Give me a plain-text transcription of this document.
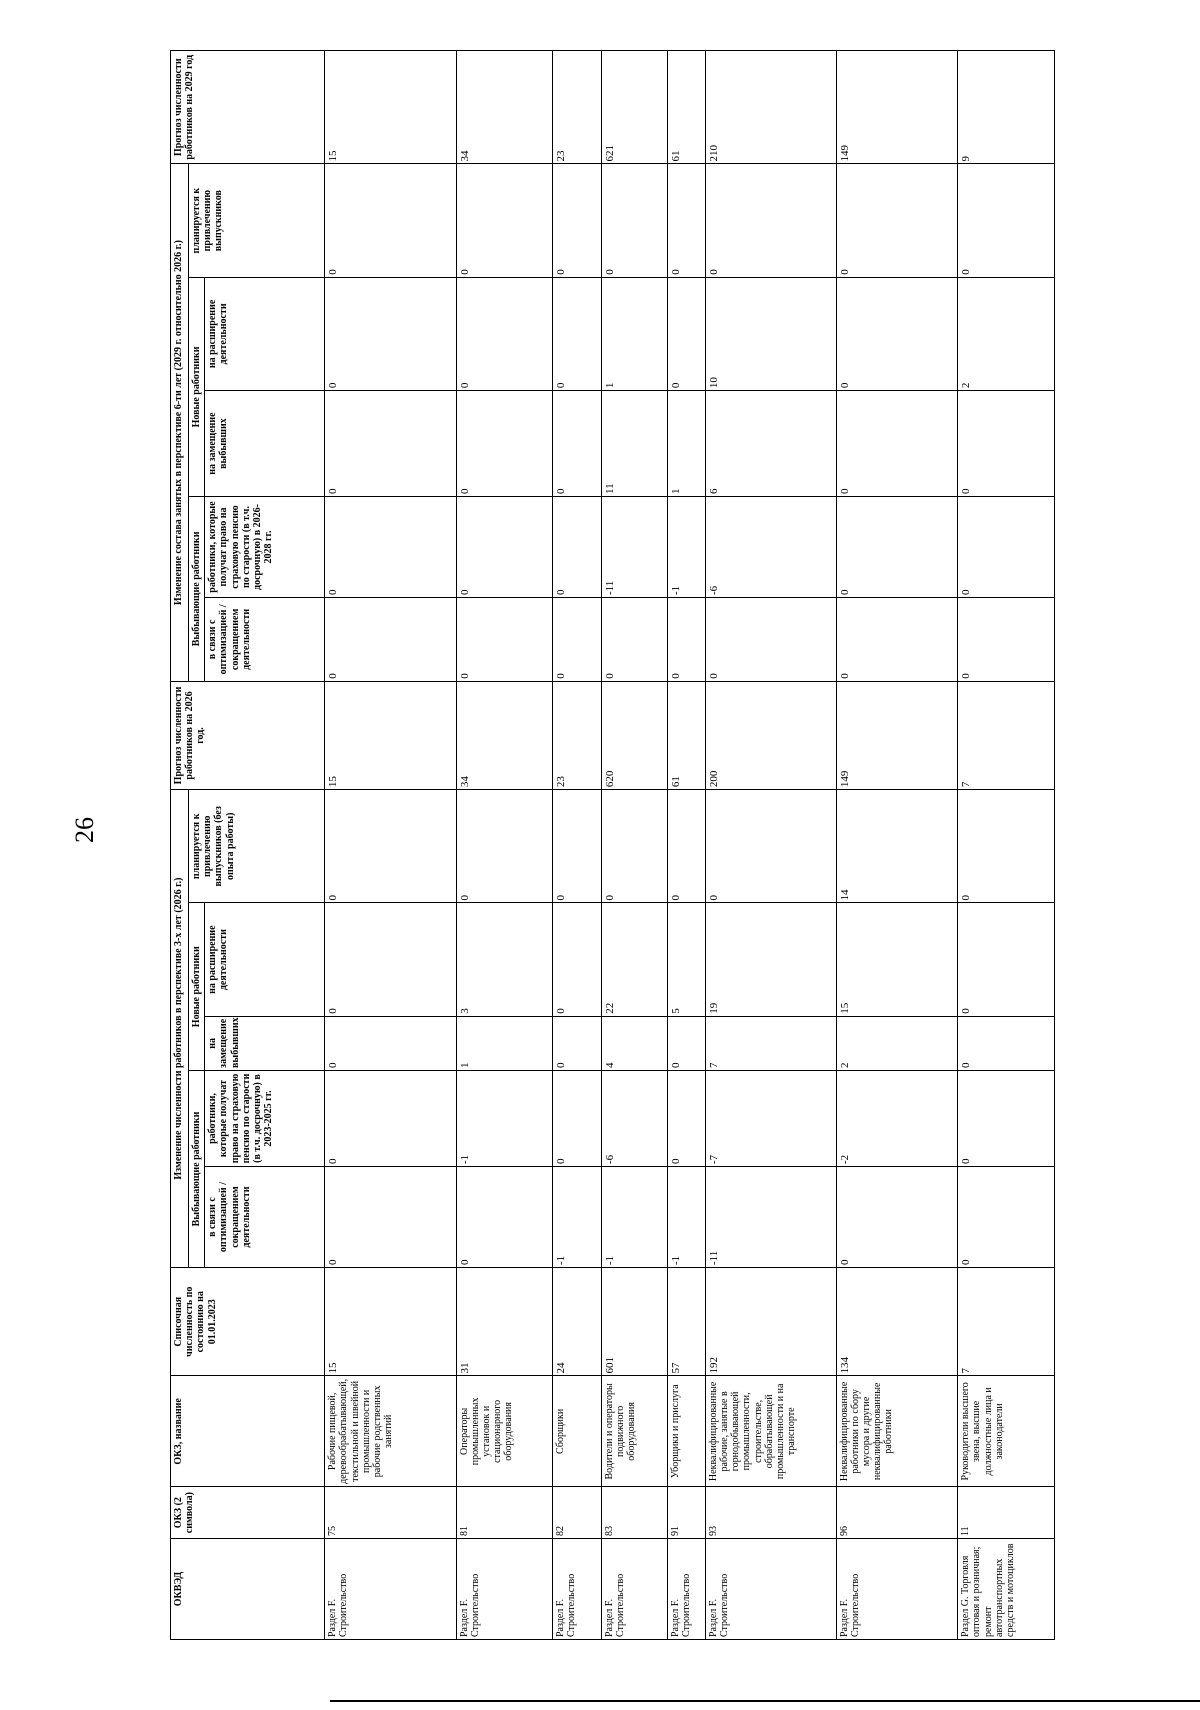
26
ОКВЭД	ОКЗ (2 символа)	ОКЗ, название	Списочная численность по состоянию на 01.01.2023	Изменение численности работников в перспективе 3-х лет (2026 г.)					Прогноз численности работников на 2026 год.	Изменение состава занятых в перспективе 6-ти лет (2029 г. относительно 2026 г.)					Прогноз численности работников на 2029 год
				Выбывающие работники		Новые работники		планируется к привлечению выпускников (без опыта работы)		Выбывающие работники		Новые работники		планируется к привлечению выпускников	
				в связи с оптимизацией / сокращением деятельности	работники, которые получат право на страховую пенсию по старости (в т.ч. досрочную) в 2023-2025 гг.	на замещение выбывших	на расширение деятельности			в связи с оптимизацией / сокращением деятельности	работники, которые получат право на страховую пенсию по старости (в т.ч. досрочную) в 2026-2028 гг.	на замещение выбывших	на расширение деятельности		
Раздел F. Строительство	75	Рабочие пищевой, деревообрабатывающей, текстильной и швейной промышленности и рабочие родственных занятий	15	0	0	0	0	0	15	0	0	0	0	0	15
Раздел F. Строительство	81	Операторы промышленных установок и стационарного оборудования	31	0	-1	1	3	0	34	0	0	0	0	0	34
Раздел F. Строительство	82	Сборщики	24	-1	0	0	0	0	23	0	0	0	0	0	23
Раздел F. Строительство	83	Водители и операторы подвижного оборудования	601	-1	-6	4	22	0	620	0	-11	11	1	0	621
Раздел F. Строительство	91	Уборщики и прислуга	57	-1	0	0	5	0	61	0	-1	1	0	0	61
Раздел F. Строительство	93	Неквалифицированные рабочие, занятые в горнодобывающей промышленности, строительстве, обрабатывающей промышленности и на транспорте	192	-11	-7	7	19	0	200	0	-6	6	10	0	210
Раздел F. Строительство	96	Неквалифицированные работники по сбору мусора и другие неквалифицированные работники	134	0	-2	2	15	14	149	0	0	0	0	0	149
Раздел G. Торговля оптовая и розничная; ремонт автотранспортных средств и мотоциклов	11	Руководители высшего звена, высшие должностные лица и законодатели	7	0	0	0	0	0	7	0	0	0	2	0	9
